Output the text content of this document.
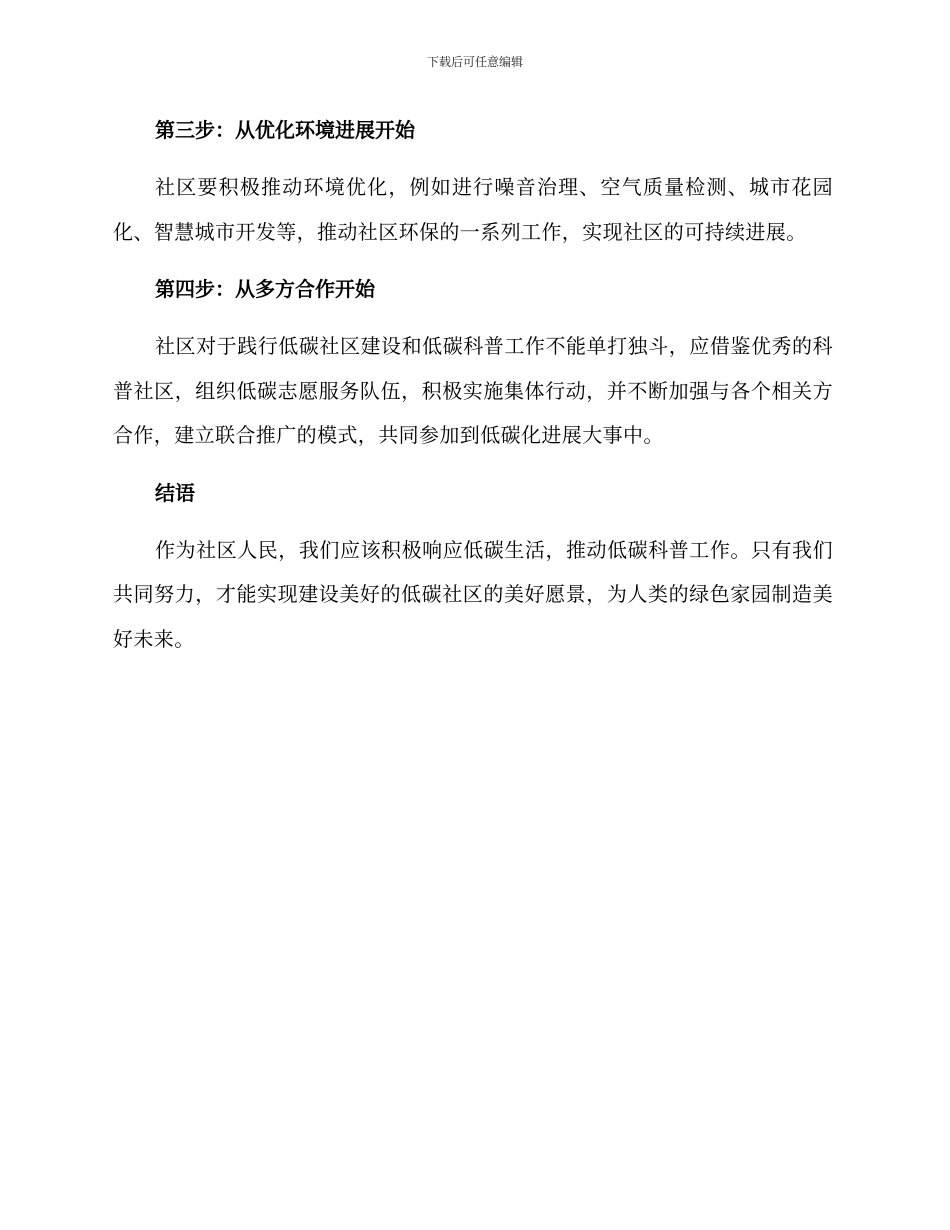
下载后可任意编辑
第三步：从优化环境进展开始

社区要积极推动环境优化，例如进行噪音治理、空气质量检测、城市花园化、智慧城市开发等，推动社区环保的一系列工作，实现社区的可持续进展。

第四步：从多方合作开始

社区对于践行低碳社区建设和低碳科普工作不能单打独斗，应借鉴优秀的科普社区，组织低碳志愿服务队伍，积极实施集体行动，并不断加强与各个相关方合作，建立联合推广的模式，共同参加到低碳化进展大事中。

结语

作为社区人民，我们应该积极响应低碳生活，推动低碳科普工作。只有我们共同努力，才能实现建设美好的低碳社区的美好愿景，为人类的绿色家园制造美好未来。
